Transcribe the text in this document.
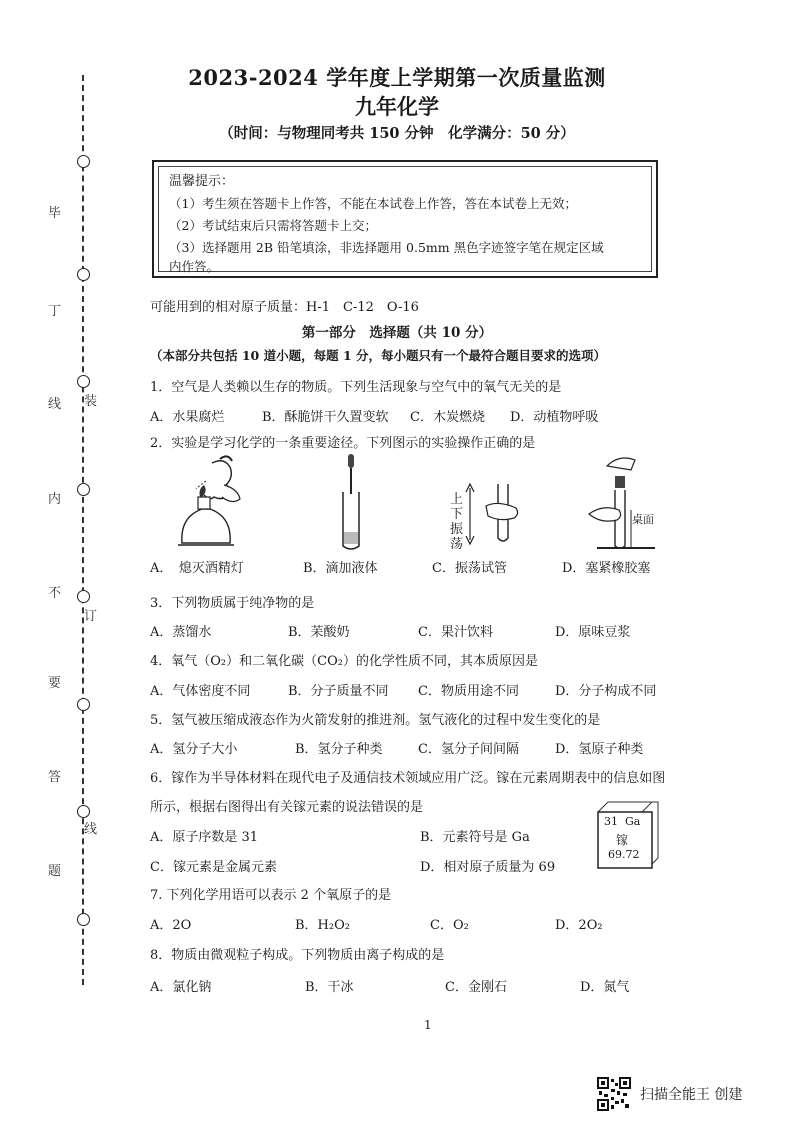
装
订
线
毕
丁
线
内
不
要
答
题
2023-2024 学年度上学期第一次质量监测
九年化学
（时间：与物理同考共 150 分钟　化学满分：50 分）
温馨提示：
（1）考生须在答题卡上作答，不能在本试卷上作答，答在本试卷上无效；
（2）考试结束后只需将答题卡上交；
（3）选择题用 2B 铅笔填涂，非选择题用 0.5mm 黑色字迹签字笔在规定区域
内作答。
可能用到的相对原子质量：H-1　C-12　O-16
第一部分　选择题（共 10 分）
（本部分共包括 10 道小题，每题 1 分，每小题只有一个最符合题目要求的选项）
1．空气是人类赖以生存的物质。下列生活现象与空气中的氧气无关的是
A．水果腐烂	B．酥脆饼干久置变软 C．木炭燃烧 D．动植物呼吸
2．实验是学习化学的一条重要途径。下列图示的实验操作正确的是
上
下
振
荡
桌面
A．　熄灭酒精灯	B．滴加液体	C．振荡试管	D．塞紧橡胶塞
3．下列物质属于纯净物的是
A．蒸馏水	B．苿酸奶	C．果汁饮料	D．原味豆浆
4．氧气（O₂）和二氧化碳（CO₂）的化学性质不同，其本质原因是
A．气体密度不同	B．分子质量不同 C．物质用途不同	D．分子构成不同
5．氢气被压缩成液态作为火箭发射的推进剂。氢气液化的过程中发生变化的是
A．氢分子大小	B．氢分子种类	C．氢分子间间隔	D．氢原子种类
6．镓作为半导体材料在现代电子及通信技术领域应用广泛。镓在元素周期表中的信息如图
所示，根据右图得出有关镓元素的说法错误的是
A．原子序数是 31	B．元素符号是 Ga
C．镓元素是金属元素	D．相对原子质量为 69
31 Ga
镓
69.72
7. 下列化学用语可以表示 2 个氧原子的是
A．2O	B．H₂O₂	C．O₂	D．2O₂
8．物质由微观粒子构成。下列物质由离子构成的是
A．氯化钠	B．干冰	C．金刚石	D．氮气
1
扫描全能王 创建
